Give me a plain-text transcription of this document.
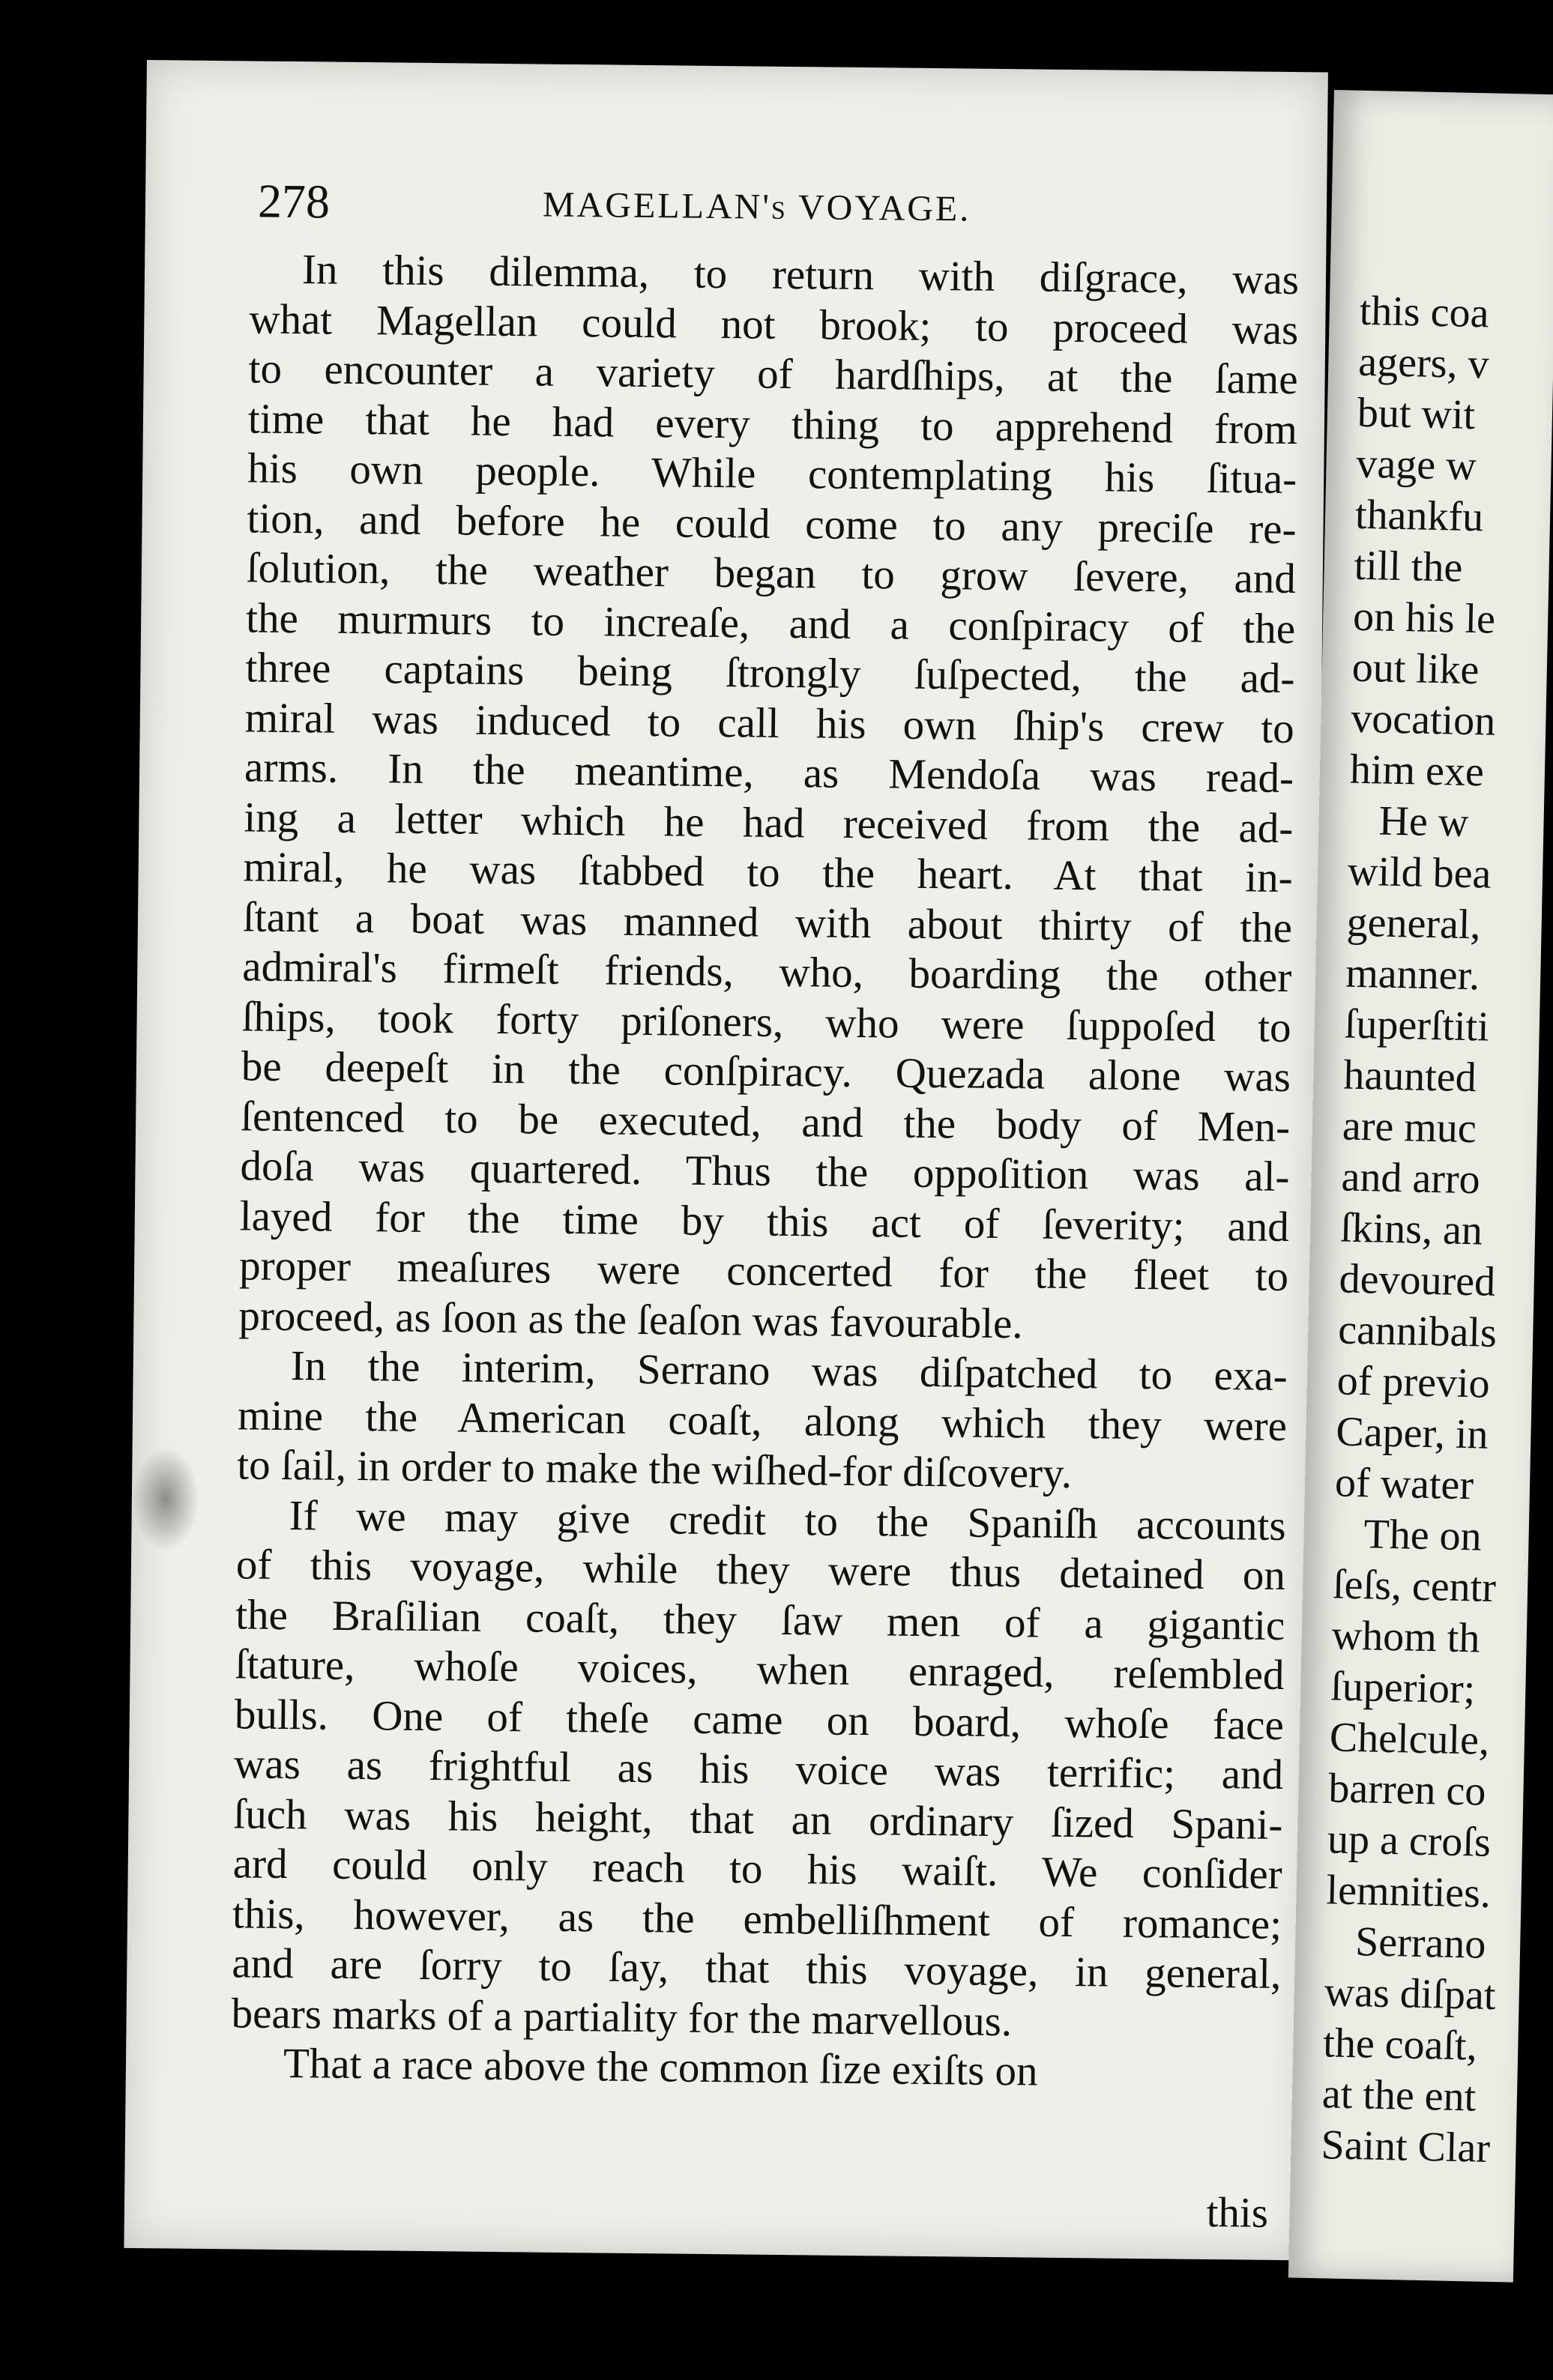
278	MAGELLAN's VOYAGE.
In this dilemma, to return with diſgrace, was
what Magellan could not brook; to proceed was
to encounter a variety of hardſhips, at the ſame
time that he had every thing to apprehend from
his own people. While contemplating his ſitua-
tion, and before he could come to any preciſe re-
ſolution, the weather began to grow ſevere, and
the murmurs to increaſe, and a conſpiracy of the
three captains being ſtrongly ſuſpected, the ad-
miral was induced to call his own ſhip's crew to
arms. In the meantime, as Mendoſa was read-
ing a letter which he had received from the ad-
miral, he was ſtabbed to the heart. At that in-
ſtant a boat was manned with about thirty of the
admiral's firmeſt friends, who, boarding the other
ſhips, took forty priſoners, who were ſuppoſed to
be deepeſt in the conſpiracy. Quezada alone was
ſentenced to be executed, and the body of Men-
doſa was quartered. Thus the oppoſition was al-
layed for the time by this act of ſeverity; and
proper meaſures were concerted for the fleet to
proceed, as ſoon as the ſeaſon was favourable.
In the interim, Serrano was diſpatched to exa-
mine the American coaſt, along which they were
to ſail, in order to make the wiſhed-for diſcovery.
If we may give credit to the Spaniſh accounts
of this voyage, while they were thus detained on
the Braſilian coaſt, they ſaw men of a gigantic
ſtature, whoſe voices, when enraged, reſembled
bulls. One of theſe came on board, whoſe face
was as frightful as his voice was terrific; and
ſuch was his height, that an ordinary ſized Spani-
ard could only reach to his waiſt. We conſider
this, however, as the embelliſhment of romance;
and are ſorry to ſay, that this voyage, in general,
bears marks of a partiality for the marvellous.
That a race above the common ſize exiſts on
this
this coa
agers, v
but wit
vage w
thankfu
till the
on his le
out like
vocation
him exe
He w
wild bea
general,
manner.
ſuperſtiti
haunted
are muc
and arro
ſkins, an
devoured
cannibals
of previo
Caper, in
of water
The on
ſeſs, centr
whom th
ſuperior;
Chelcule,
barren co
up a croſs
lemnities.
Serrano
was diſpat
the coaſt,
at the ent
Saint Clar
